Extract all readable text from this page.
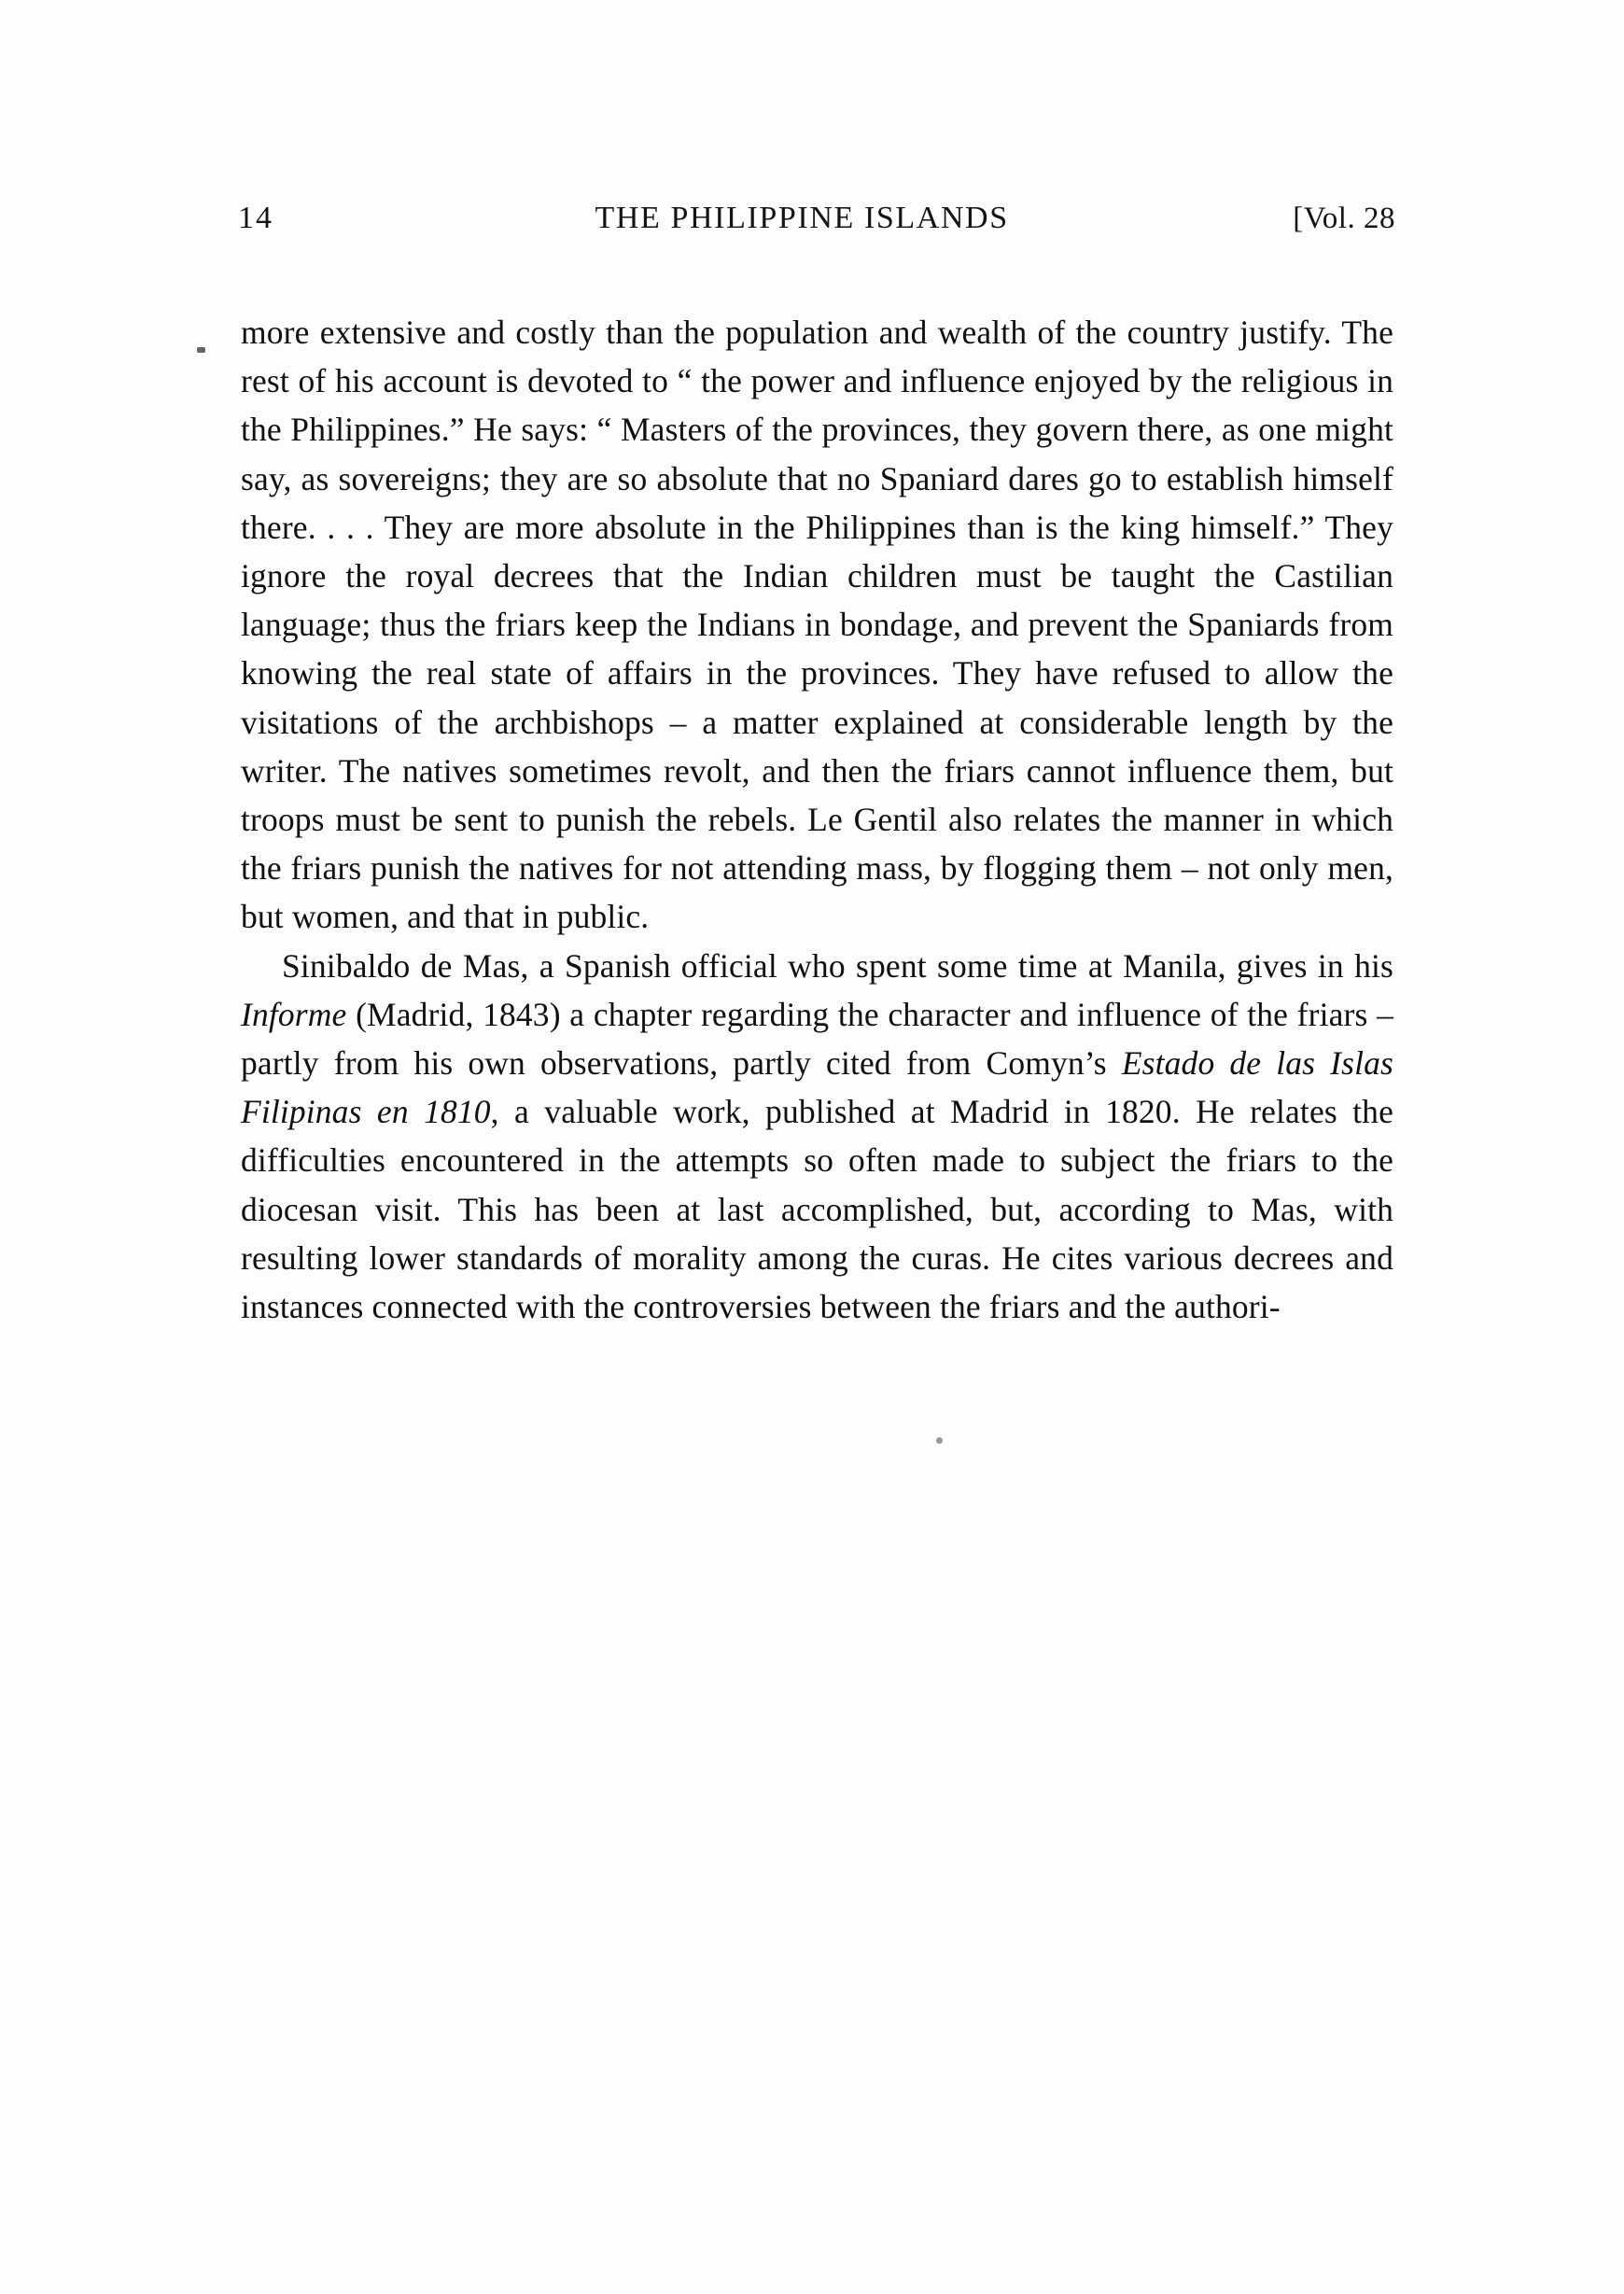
14	THE PHILIPPINE ISLANDS	[Vol. 28

more extensive and costly than the population and wealth of the country justify. The rest of his account is devoted to “ the power and influence enjoyed by the religious in the Philippines.” He says: “ Masters of the provinces, they govern there, as one might say, as sovereigns; they are so absolute that no Spaniard dares go to establish himself there. . . . They are more absolute in the Philippines than is the king himself.” They ignore the royal decrees that the Indian children must be taught the Castilian language; thus the friars keep the Indians in bondage, and prevent the Spaniards from knowing the real state of affairs in the provinces. They have refused to allow the visitations of the archbishops – a matter explained at considerable length by the writer. The natives sometimes revolt, and then the friars cannot influence them, but troops must be sent to punish the rebels. Le Gentil also relates the manner in which the friars punish the natives for not attending mass, by flogging them – not only men, but women, and that in public.

Sinibaldo de Mas, a Spanish official who spent some time at Manila, gives in his Informe (Madrid, 1843) a chapter regarding the character and influence of the friars – partly from his own observations, partly cited from Comyn’s Estado de las Islas Filipinas en 1810, a valuable work, published at Madrid in 1820. He relates the difficulties encountered in the attempts so often made to subject the friars to the diocesan visit. This has been at last accomplished, but, according to Mas, with resulting lower standards of morality among the curas. He cites various decrees and instances connected with the controversies between the friars and the authori-
